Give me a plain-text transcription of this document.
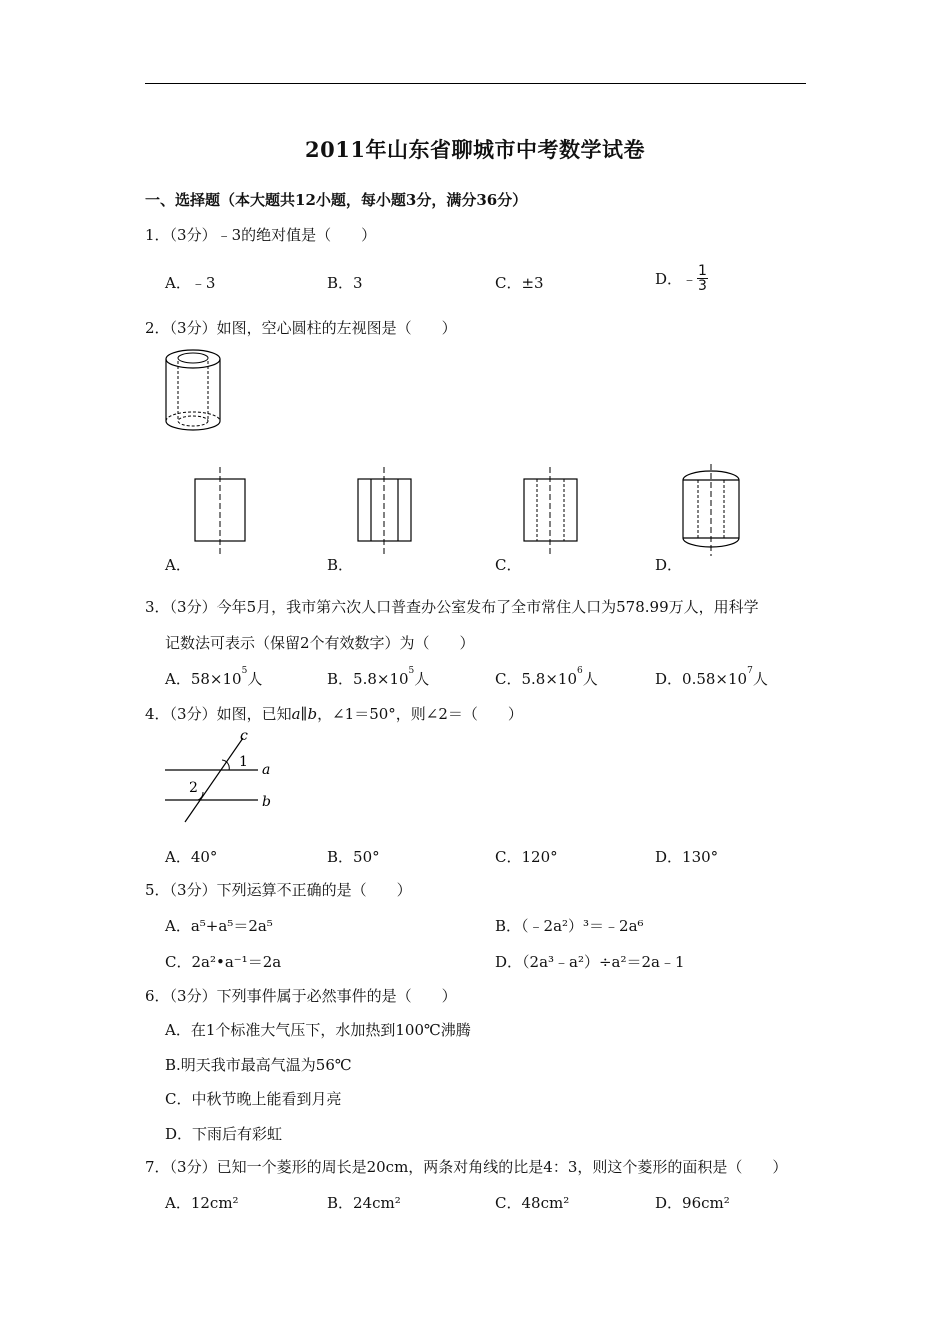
2011年山东省聊城市中考数学试卷
一、选择题（本大题共12小题，每小题3分，满分36分）
1．（3分）﹣3的绝对值是（　　）
A．﹣3	B．3	C．±3	D．﹣ $\frac{1}{3}$
2．（3分）如图，空心圆柱的左视图是（　　）
A．	B．	C．	D．
3．（3分）今年5月，我市第六次人口普查办公室发布了全市常住人口为578.99万人，用科学
记数法可表示（保留2个有效数字）为（　　）
A．$58\times 10^5$人	B．$5.8\times 10^5$人	C．$5.8\times 10^6$人	D．$0.58\times 10^7$人
4．（3分）如图，已知a∥b，∠1＝50°，则∠2＝（　　）
c
1 a
2
b
A．40°	B．50°	C．120°	D．130°
5．（3分）下列运算不正确的是（　　）
A．a⁵+a⁵＝2a⁵	B．（﹣2a²）³＝﹣2a⁶
C．2a²•a⁻¹＝2a	D．（2a³﹣a²）÷a²＝2a﹣1
6．（3分）下列事件属于必然事件的是（　　）
A．在1个标准大气压下，水加热到100℃沸腾
B.明天我市最高气温为56℃
C．中秋节晚上能看到月亮
D．下雨后有彩虹
7．（3分）已知一个菱形的周长是20cm，两条对角线的比是4：3，则这个菱形的面积是（　　）
A．12cm²	B．24cm²	C．48cm²	D．96cm²
